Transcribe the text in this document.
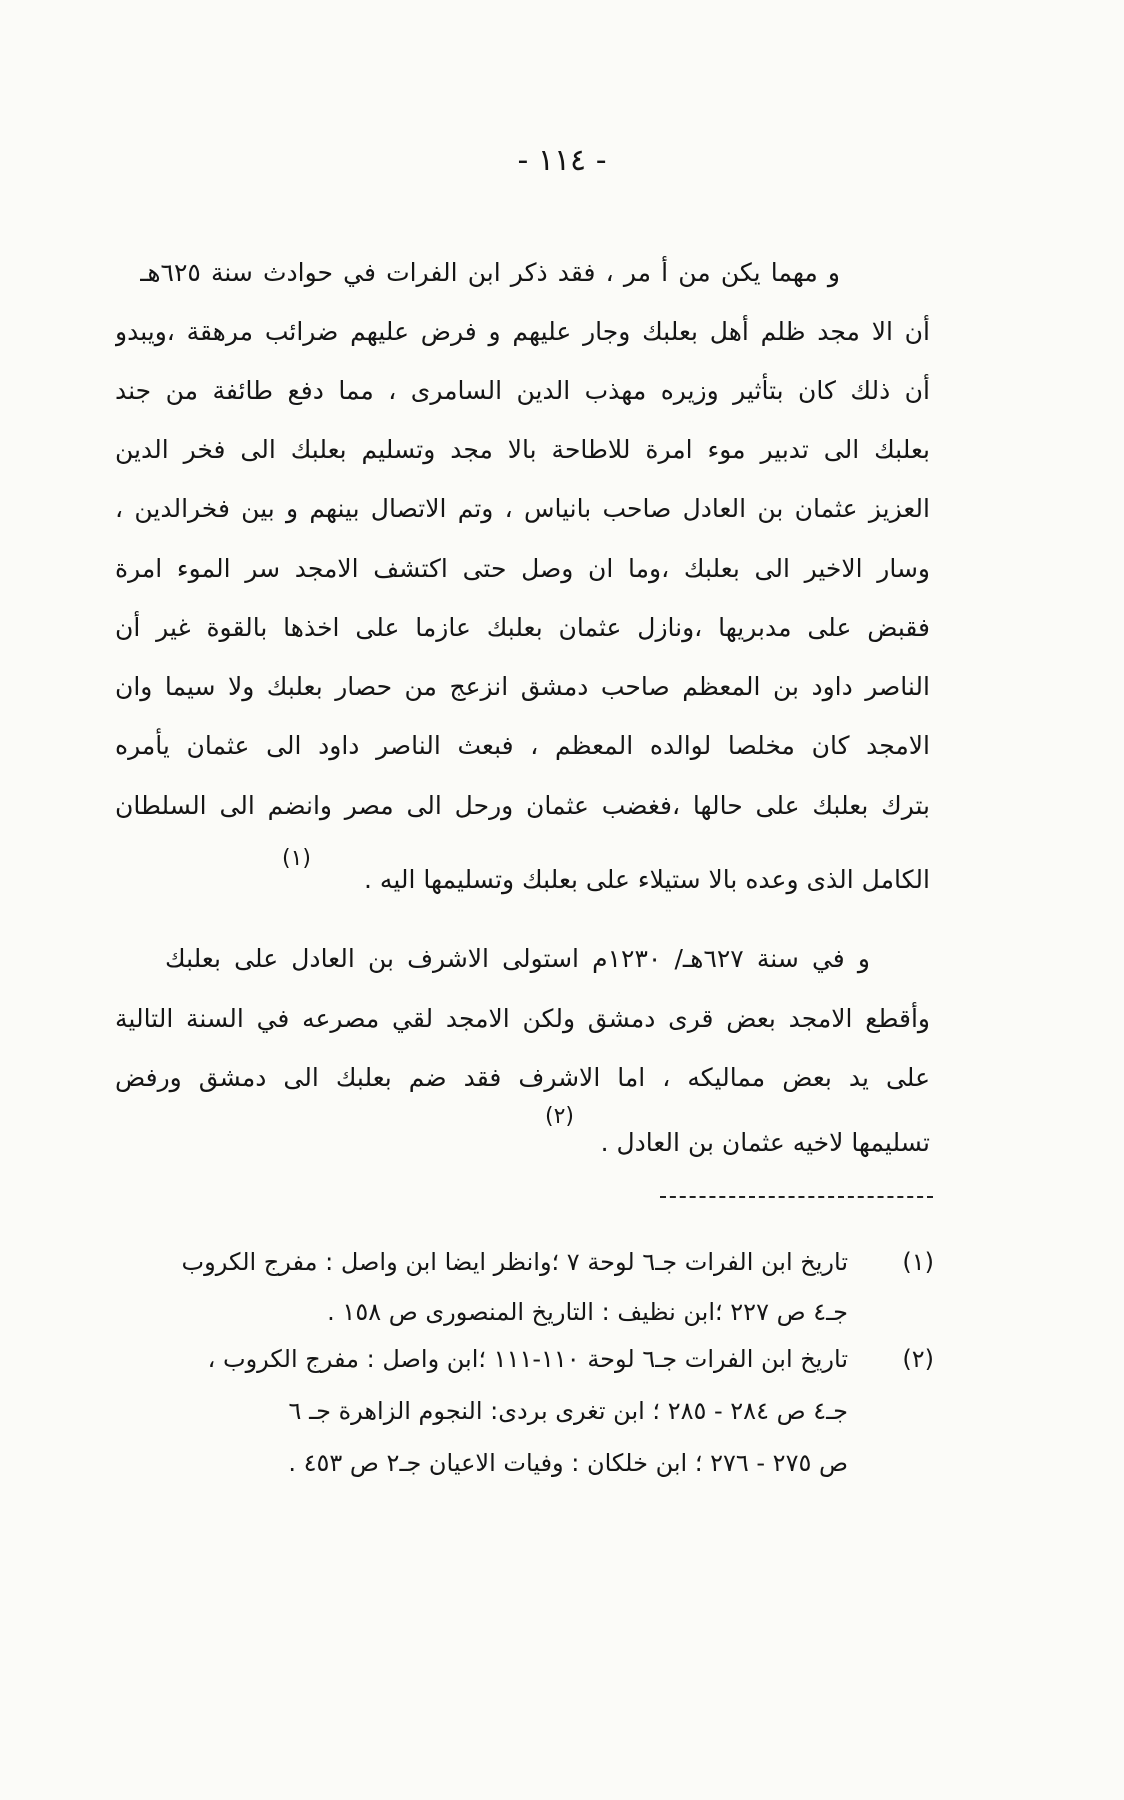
- ١١٤ -
و مهما يكن من أ مر ، فقد ذكر ابن الفرات في حوادث سنة ٦٢٥هـ
أن الا مجد ظلم أهل بعلبك وجار عليهم و فرض عليهم ضرائب مرهقة ،ويبدو
أن ذلك كان بتأثير وزيره مهذب الدين السامرى ، مما دفع طائفة من جند
بعلبك الى تدبير موء امرة للاطاحة بالا مجد وتسليم بعلبك الى فخر الدين
العزيز عثمان بن العادل صاحب بانياس ، وتم الاتصال بينهم و بين فخرالدين ،
وسار الاخير الى بعلبك ،وما ان وصل حتى اكتشف الامجد سر الموء امرة
فقبض على مدبريها ،ونازل عثمان بعلبك عازما على اخذها بالقوة غير أن
الناصر داود بن المعظم صاحب دمشق انزعج من حصار بعلبك ولا سيما وان
الامجد كان مخلصا لوالده المعظم ، فبعث الناصر داود الى عثمان يأمره
بترك بعلبك على حالها ،فغضب عثمان ورحل الى مصر وانضم الى السلطان
الكامل الذى وعده بالا ستيلاء على بعلبك وتسليمها اليه .
(١)
و في سنة ٦٢٧هـ/ ١٢٣٠م استولى الاشرف بن العادل على بعلبك
وأقطع الامجد بعض قرى دمشق ولكن الامجد لقي مصرعه في السنة التالية
على يد بعض مماليكه ، اما الاشرف فقد ضم بعلبك الى دمشق ورفض
تسليمها لاخيه عثمان بن العادل .
(٢)
(١)
تاريخ ابن الفرات جـ٦ لوحة ٧ ؛وانظر ايضا ابن واصل : مفرج الكروب
جـ٤ ص ٢٢٧ ؛ابن نظيف : التاريخ المنصورى ص ١٥٨ .
(٢)
تاريخ ابن الفرات جـ٦ لوحة ١١٠-١١١ ؛ابن واصل : مفرج الكروب ،
جـ٤ ص ٢٨٤ - ٢٨٥ ؛ ابن تغرى بردى: النجوم الزاهرة جـ ٦
ص ٢٧٥ - ٢٧٦ ؛ ابن خلكان : وفيات الاعيان جـ٢ ص ٤٥٣ .
